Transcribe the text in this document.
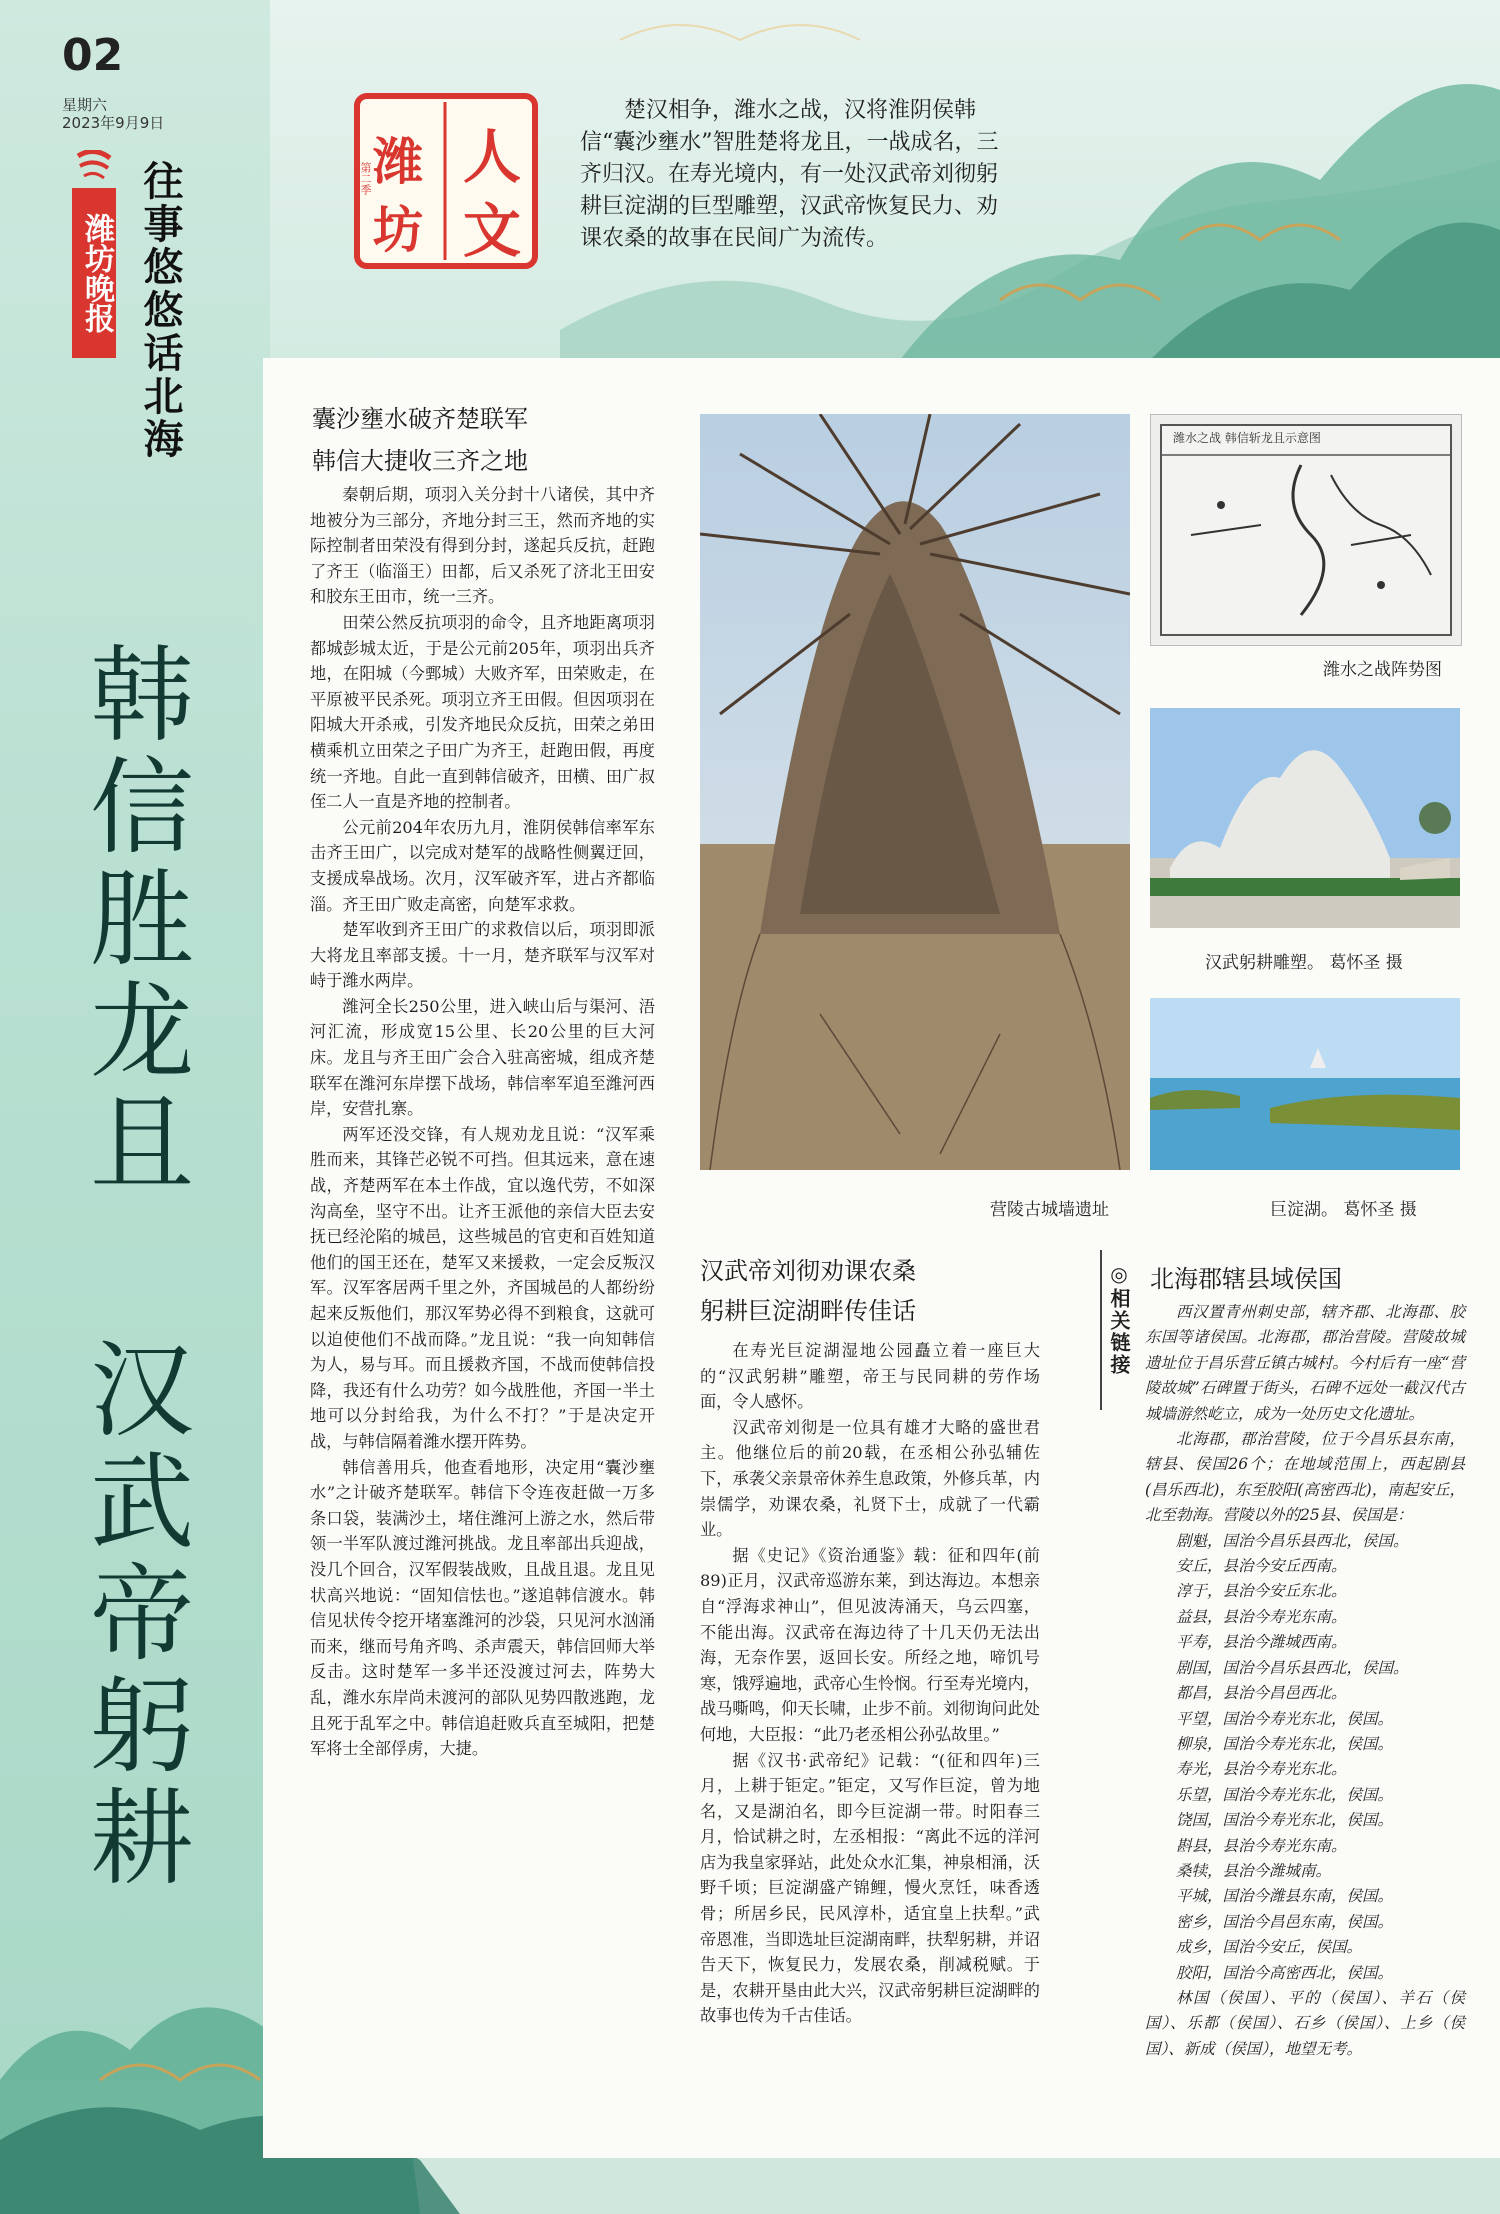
02
星期六
2023年9月9日
潍坊晚报 往事悠悠话北海
韩信胜龙且
汉武帝躬耕
人
文
潍
坊
第二季

楚汉相争，潍水之战，汉将淮阴侯韩信“囊沙壅水”智胜楚将龙且，一战成名，三齐归汉。在寿光境内，有一处汉武帝刘彻躬耕巨淀湖的巨型雕塑，汉武帝恢复民力、劝课农桑的故事在民间广为流传。

囊沙壅水破齐楚联军
韩信大捷收三齐之地

秦朝后期，项羽入关分封十八诸侯，其中齐地被分为三部分，齐地分封三王，然而齐地的实际控制者田荣没有得到分封，遂起兵反抗，赶跑了齐王（临淄王）田都，后又杀死了济北王田安和胶东王田市，统一三齐。

田荣公然反抗项羽的命令，且齐地距离项羽都城彭城太近，于是公元前205年，项羽出兵齐地，在阳城（今鄄城）大败齐军，田荣败走，在平原被平民杀死。项羽立齐王田假。但因项羽在阳城大开杀戒，引发齐地民众反抗，田荣之弟田横乘机立田荣之子田广为齐王，赶跑田假，再度统一齐地。自此一直到韩信破齐，田横、田广叔侄二人一直是齐地的控制者。

公元前204年农历九月，淮阴侯韩信率军东击齐王田广，以完成对楚军的战略性侧翼迂回，支援成皋战场。次月，汉军破齐军，进占齐都临淄。齐王田广败走高密，向楚军求救。

楚军收到齐王田广的求救信以后，项羽即派大将龙且率部支援。十一月，楚齐联军与汉军对峙于潍水两岸。

潍河全长250公里，进入峡山后与渠河、浯河汇流，形成宽15公里、长20公里的巨大河床。龙且与齐王田广会合入驻高密城，组成齐楚联军在潍河东岸摆下战场，韩信率军追至潍河西岸，安营扎寨。

两军还没交锋，有人规劝龙且说：“汉军乘胜而来，其锋芒必锐不可挡。但其远来，意在速战，齐楚两军在本土作战，宜以逸代劳，不如深沟高垒，坚守不出。让齐王派他的亲信大臣去安抚已经沦陷的城邑，这些城邑的官吏和百姓知道他们的国王还在，楚军又来援救，一定会反叛汉军。汉军客居两千里之外，齐国城邑的人都纷纷起来反叛他们，那汉军势必得不到粮食，这就可以迫使他们不战而降。”龙且说：“我一向知韩信为人，易与耳。而且援救齐国，不战而使韩信投降，我还有什么功劳？如今战胜他，齐国一半土地可以分封给我，为什么不打？”于是决定开战，与韩信隔着潍水摆开阵势。

韩信善用兵，他查看地形，决定用“囊沙壅水”之计破齐楚联军。韩信下令连夜赶做一万多条口袋，装满沙土，堵住潍河上游之水，然后带领一半军队渡过潍河挑战。龙且率部出兵迎战，没几个回合，汉军假装战败，且战且退。龙且见状高兴地说：“固知信怯也。”遂追韩信渡水。韩信见状传令挖开堵塞潍河的沙袋，只见河水汹涌而来，继而号角齐鸣、杀声震天，韩信回师大举反击。这时楚军一多半还没渡过河去，阵势大乱，潍水东岸尚未渡河的部队见势四散逃跑，龙且死于乱军之中。韩信追赶败兵直至城阳，把楚军将士全部俘虏，大捷。

营陵古城墙遗址
潍水之战 韩信斩龙且示意图
潍水之战阵势图
汉武躬耕雕塑。 葛怀圣 摄
巨淀湖。 葛怀圣 摄
汉武帝刘彻劝课农桑
躬耕巨淀湖畔传佳话

在寿光巨淀湖湿地公园矗立着一座巨大的“汉武躬耕”雕塑，帝王与民同耕的劳作场面，令人感怀。

汉武帝刘彻是一位具有雄才大略的盛世君主。他继位后的前20载，在丞相公孙弘辅佐下，承袭父亲景帝休养生息政策，外修兵革，内崇儒学，劝课农桑，礼贤下士，成就了一代霸业。

据《史记》《资治通鉴》载：征和四年(前89)正月，汉武帝巡游东莱，到达海边。本想亲自“浮海求神山”，但见波涛涌天，乌云四塞，不能出海。汉武帝在海边待了十几天仍无法出海，无奈作罢，返回长安。所经之地，啼饥号寒，饿殍遍地，武帝心生怜悯。行至寿光境内，战马嘶鸣，仰天长啸，止步不前。刘彻询问此处何地，大臣报：“此乃老丞相公孙弘故里。”

据《汉书·武帝纪》记载：“(征和四年)三月，上耕于钜定。”钜定，又写作巨淀，曾为地名，又是湖泊名，即今巨淀湖一带。时阳春三月，恰试耕之时，左丞相报：“离此不远的洋河店为我皇家驿站，此处众水汇集，神泉相涌，沃野千顷；巨淀湖盛产锦鲤，慢火烹饪，味香透骨；所居乡民，民风淳朴，适宜皇上扶犁。”武帝恩准，当即选址巨淀湖南畔，扶犁躬耕，并诏告天下，恢复民力，发展农桑，削减税赋。于是，农耕开垦由此大兴，汉武帝躬耕巨淀湖畔的故事也传为千古佳话。

◎相关链接 北海郡辖县域侯国

西汉置青州刺史部，辖齐郡、北海郡、胶东国等诸侯国。北海郡，郡治营陵。营陵故城遗址位于昌乐营丘镇古城村。今村后有一座“营陵故城”石碑置于街头，石碑不远处一截汉代古城墙游然屹立，成为一处历史文化遗址。

北海郡，郡治营陵，位于今昌乐县东南，辖县、侯国26个；在地域范围上，西起剧县(昌乐西北)，东至胶阳(高密西北)，南起安丘，北至勃海。营陵以外的25县、侯国是：

剧魁，国治今昌乐县西北，侯国。

安丘，县治今安丘西南。

淳于，县治今安丘东北。

益县，县治今寿光东南。

平寿，县治今潍城西南。

剧国，国治今昌乐县西北，侯国。

都昌，县治今昌邑西北。

平望，国治今寿光东北，侯国。

柳泉，国治今寿光东北，侯国。

寿光，县治今寿光东北。

乐望，国治今寿光东北，侯国。

饶国，国治今寿光东北，侯国。

斟县，县治今寿光东南。

桑犊，县治今潍城南。

平城，国治今潍县东南，侯国。

密乡，国治今昌邑东南，侯国。

成乡，国治今安丘，侯国。

胶阳，国治今高密西北，侯国。

林国（侯国）、平的（侯国）、羊石（侯国）、乐都（侯国）、石乡（侯国）、上乡（侯国）、新成（侯国），地望无考。
